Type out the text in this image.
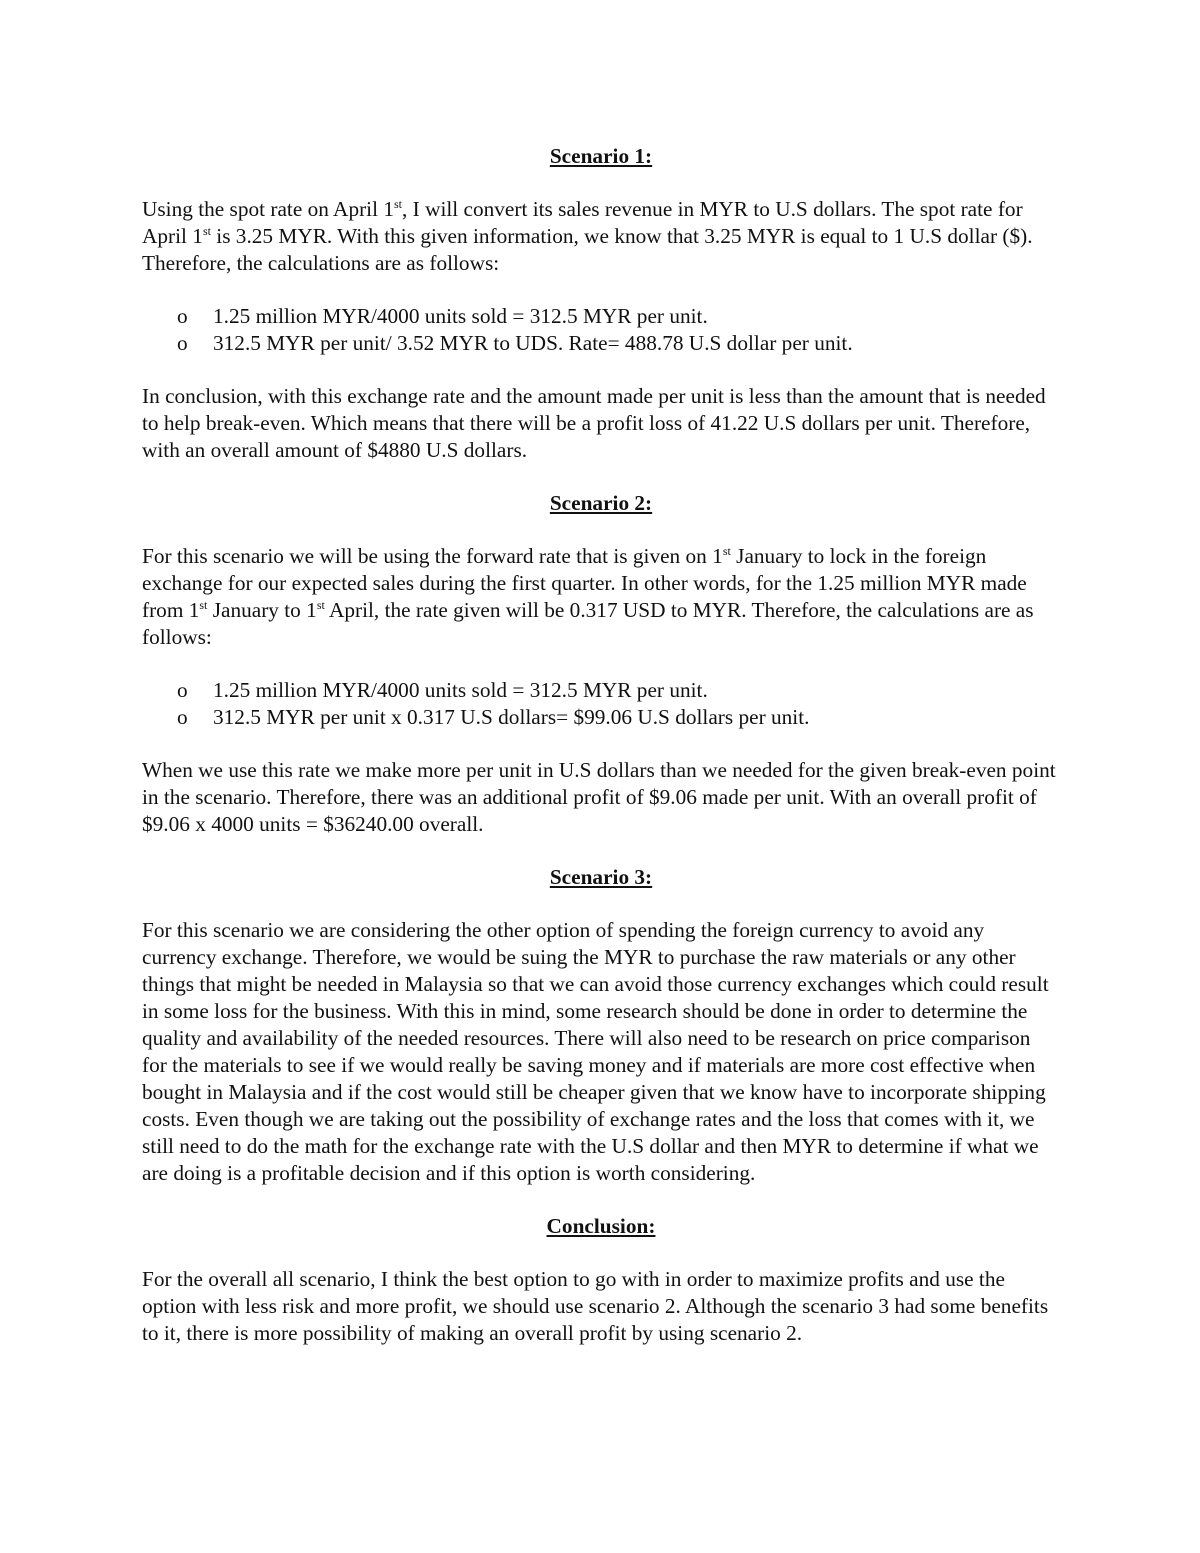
Scenario 1:

Using the spot rate on April 1st, I will convert its sales revenue in MYR to U.S dollars. The spot rate for April 1st is 3.25 MYR. With this given information, we know that 3.25 MYR is equal to 1 U.S dollar ($). Therefore, the calculations are as follows:

o 1.25 million MYR/4000 units sold = 312.5 MYR per unit.
o 312.5 MYR per unit/ 3.52 MYR to UDS. Rate= 488.78 U.S dollar per unit.

In conclusion, with this exchange rate and the amount made per unit is less than the amount that is needed to help break-even. Which means that there will be a profit loss of 41.22 U.S dollars per unit. Therefore, with an overall amount of $4880 U.S dollars.

Scenario 2:

For this scenario we will be using the forward rate that is given on 1st January to lock in the foreign exchange for our expected sales during the first quarter. In other words, for the 1.25 million MYR made from 1st January to 1st April, the rate given will be 0.317 USD to MYR. Therefore, the calculations are as follows:

o 1.25 million MYR/4000 units sold = 312.5 MYR per unit.
o 312.5 MYR per unit x 0.317 U.S dollars= $99.06 U.S dollars per unit.

When we use this rate we make more per unit in U.S dollars than we needed for the given break-even point in the scenario. Therefore, there was an additional profit of $9.06 made per unit. With an overall profit of $9.06 x 4000 units = $36240.00 overall.

Scenario 3:

For this scenario we are considering the other option of spending the foreign currency to avoid any currency exchange. Therefore, we would be suing the MYR to purchase the raw materials or any other things that might be needed in Malaysia so that we can avoid those currency exchanges which could result in some loss for the business. With this in mind, some research should be done in order to determine the quality and availability of the needed resources. There will also need to be research on price comparison for the materials to see if we would really be saving money and if materials are more cost effective when bought in Malaysia and if the cost would still be cheaper given that we know have to incorporate shipping costs. Even though we are taking out the possibility of exchange rates and the loss that comes with it, we still need to do the math for the exchange rate with the U.S dollar and then MYR to determine if what we are doing is a profitable decision and if this option is worth considering.

Conclusion:

For the overall all scenario, I think the best option to go with in order to maximize profits and use the option with less risk and more profit, we should use scenario 2. Although the scenario 3 had some benefits to it, there is more possibility of making an overall profit by using scenario 2.
